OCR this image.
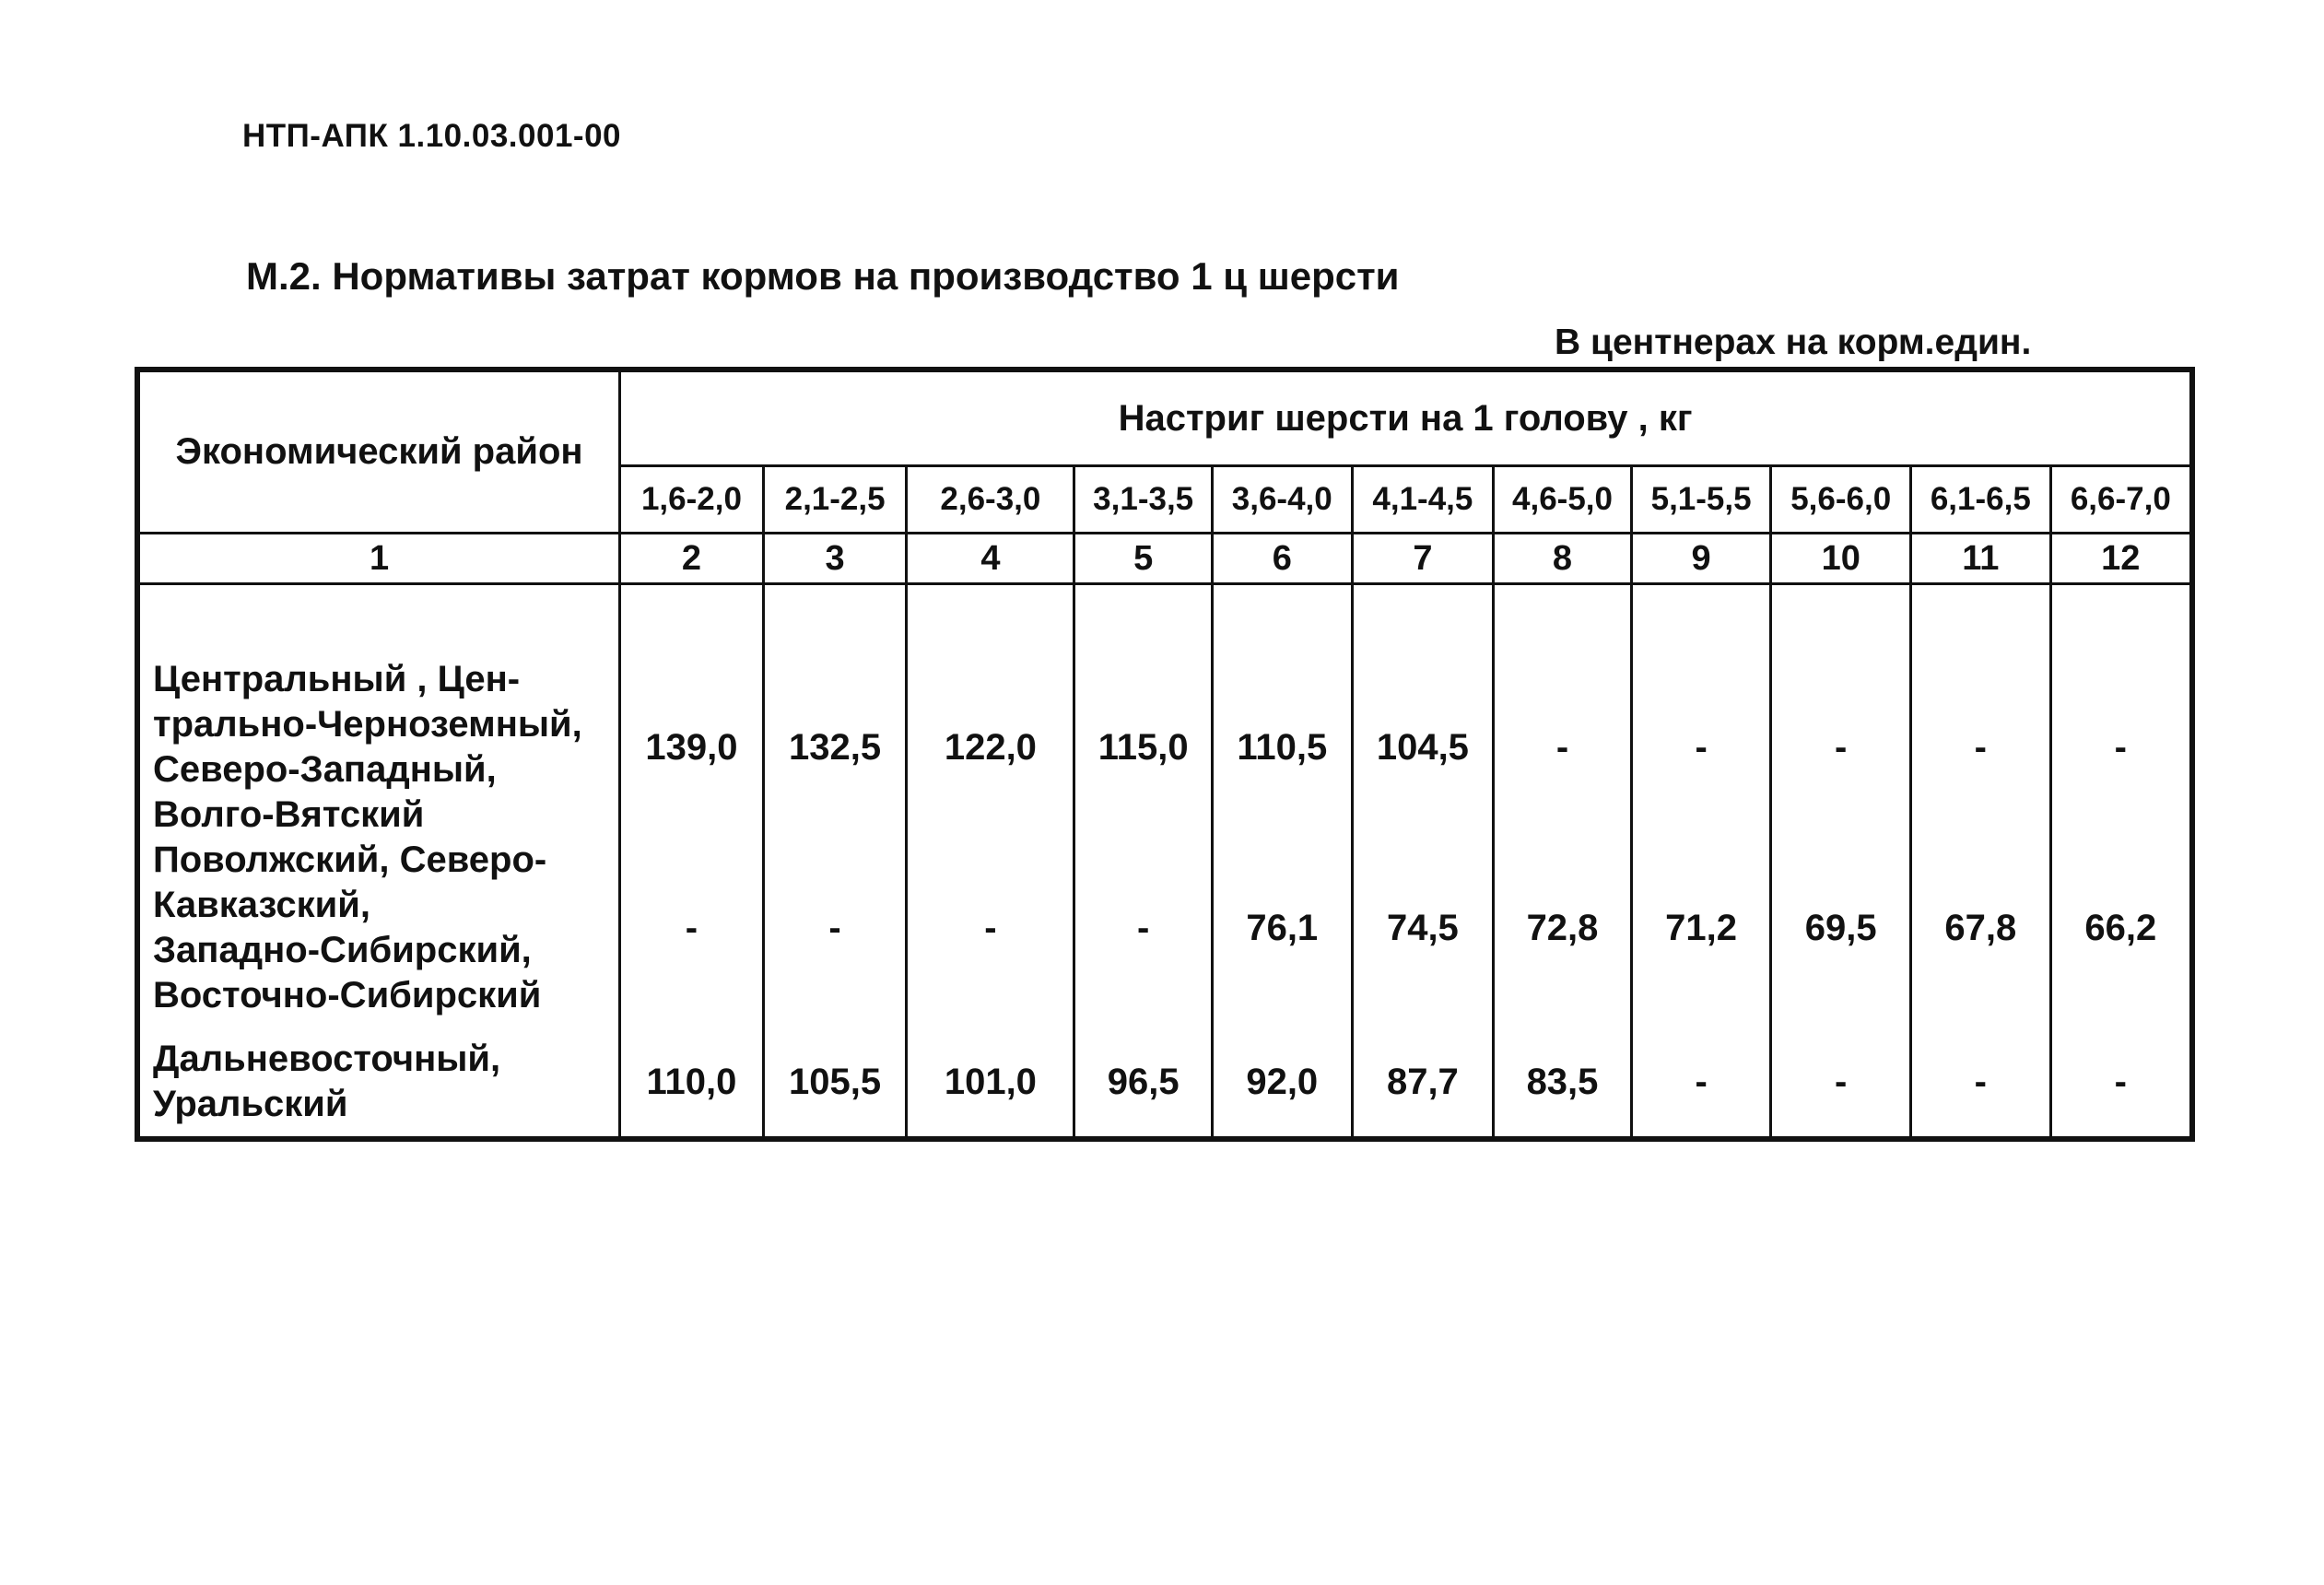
НТП-АПК 1.10.03.001-00
М.2. Нормативы затрат кормов на производство 1 ц шерсти
В центнерах на корм.един.
Экономический район	Настриг шерсти на 1 голову , кг										
	1,6-2,0	2,1-2,5	2,6-3,0	3,1-3,5	3,6-4,0	4,1-4,5	4,6-5,0	5,1-5,5	5,6-6,0	6,1-6,5	6,6-7,0
1	2	3	4	5	6	7	8	9	10	11	12

Центральный , Цен-
трально-Черноземный,
Северо-Западный,
Волго-Вятский	139,0	132,5	122,0	115,0	110,5	104,5	-	-	-	-	-

Поволжский, Северо-
Кавказский,
Западно-Сибирский,
Восточно-Сибирский	-	-	-	-	76,1	74,5	72,8	71,2	69,5	67,8	66,2

Дальневосточный,
Уральский	110,0	105,5	101,0	96,5	92,0	87,7	83,5	-	-	-	-
